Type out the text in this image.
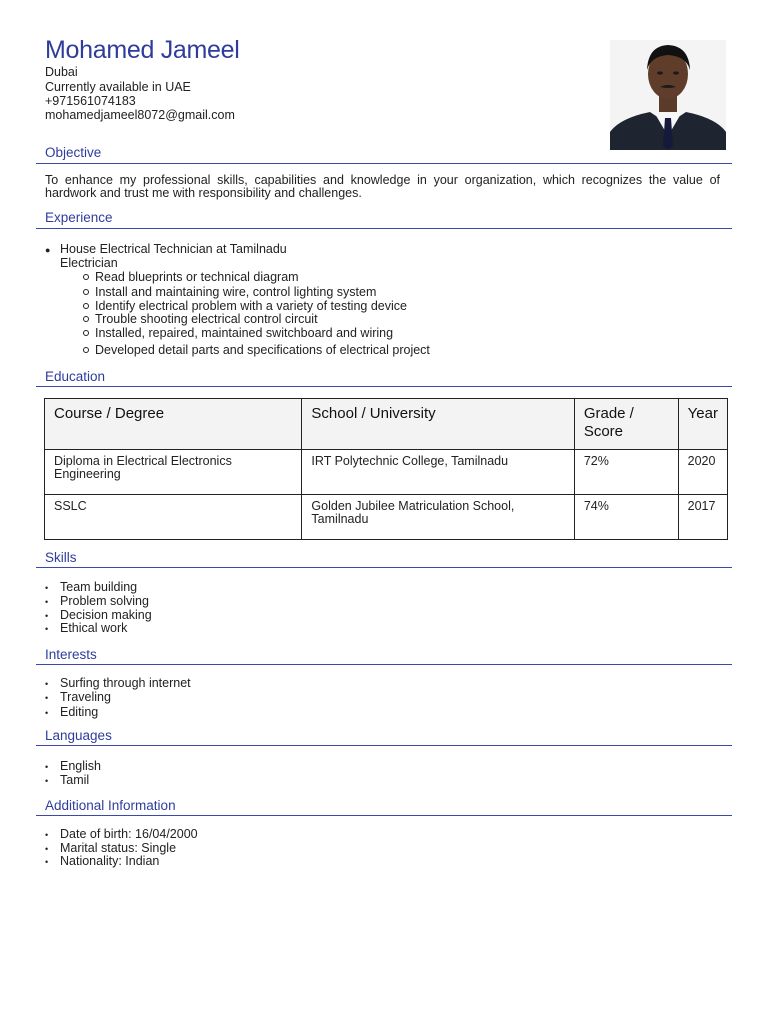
Mohamed Jameel
Dubai
Currently available in UAE
+971561074183
mohamedjameel8072@gmail.com
Objective
To enhance my professional skills, capabilities and knowledge in your organization, which recognizes the value of hardwork and trust me with responsibility and challenges.
Experience
● House Electrical Technician at Tamilnadu
Electrician
Read blueprints or technical diagram
Install and maintaining wire, control lighting system
Identify electrical problem with a variety of testing device
Trouble shooting electrical control circuit
Installed, repaired, maintained switchboard and wiring
Developed detail parts and specifications of electrical project
Education
Course / Degree	School / University	Grade / Score	Year
Diploma in Electrical Electronics Engineering	IRT Polytechnic College, Tamilnadu	72%	2020
SSLC	Golden Jubilee Matriculation School, Tamilnadu	74%	2017
Skills
• Team building
• Problem solving
• Decision making
• Ethical work
Interests
• Surfing through internet
• Traveling
• Editing
Languages
• English
• Tamil
Additional Information
• Date of birth: 16/04/2000
• Marital status: Single
• Nationality: Indian
